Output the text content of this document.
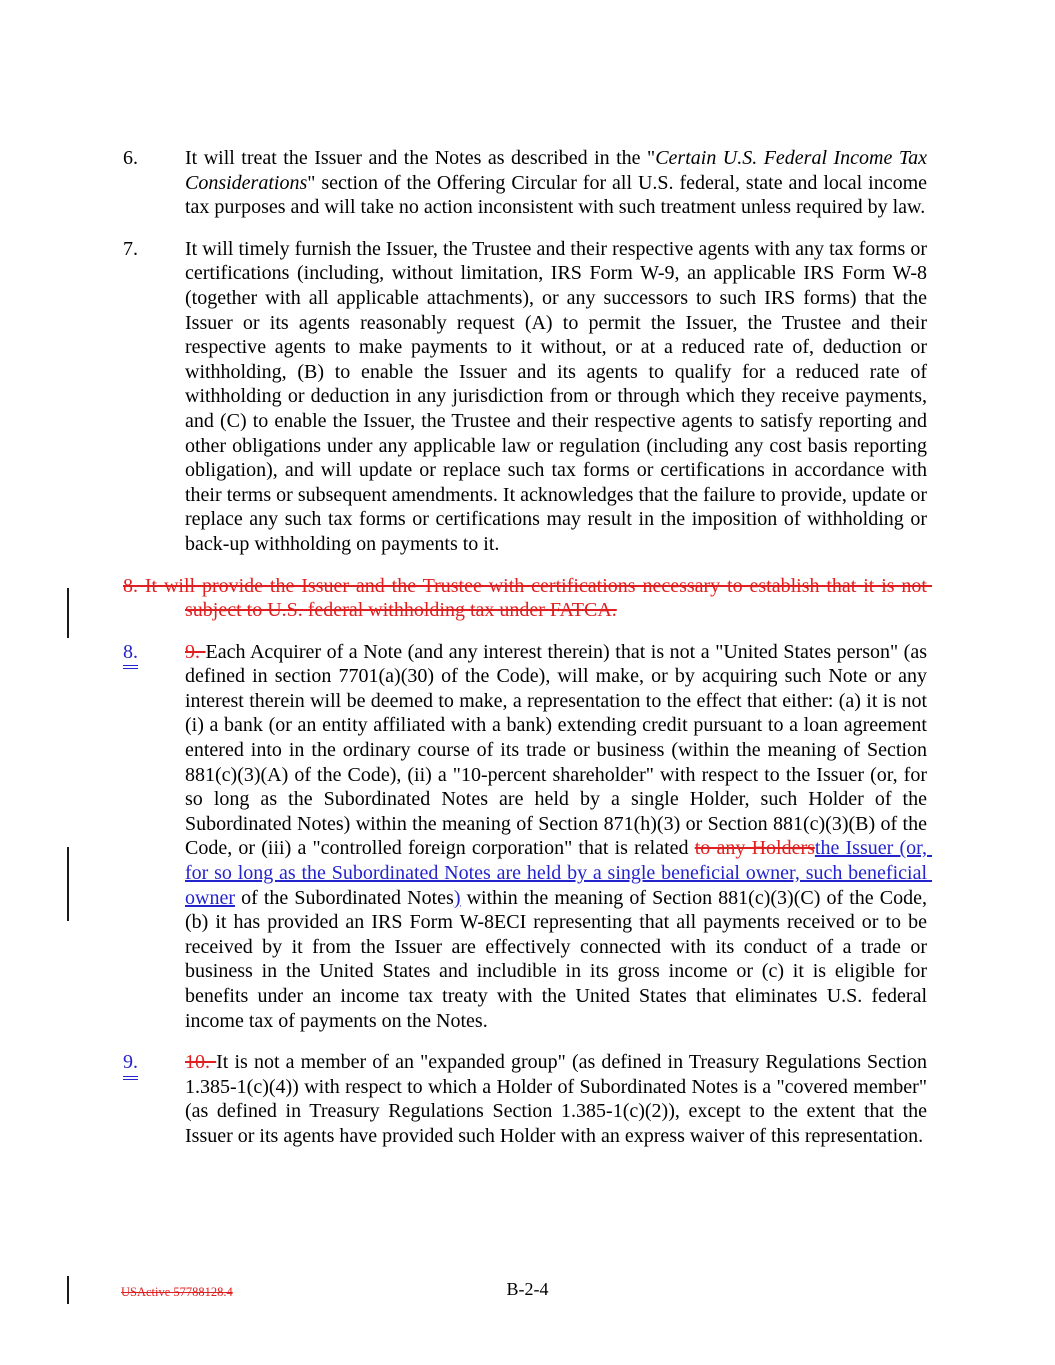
6. It will treat the Issuer and the Notes as described in the "Certain U.S. Federal Income Tax Considerations" section of the Offering Circular for all U.S. federal, state and local income tax purposes and will take no action inconsistent with such treatment unless required by law.
7. It will timely furnish the Issuer, the Trustee and their respective agents with any tax forms or certifications (including, without limitation, IRS Form W-9, an applicable IRS Form W-8 (together with all applicable attachments), or any successors to such IRS forms) that the Issuer or its agents reasonably request (A) to permit the Issuer, the Trustee and their respective agents to make payments to it without, or at a reduced rate of, deduction or withholding, (B) to enable the Issuer and its agents to qualify for a reduced rate of withholding or deduction in any jurisdiction from or through which they receive payments, and (C) to enable the Issuer, the Trustee and their respective agents to satisfy reporting and other obligations under any applicable law or regulation (including any cost basis reporting obligation), and will update or replace such tax forms or certifications in accordance with their terms or subsequent amendments. It acknowledges that the failure to provide, update or replace any such tax forms or certifications may result in the imposition of withholding or back-up withholding on payments to it.
8. It will provide the Issuer and the Trustee with certifications necessary to establish that it is not subject to U.S. federal withholding tax under FATCA.
8. 9. Each Acquirer of a Note (and any interest therein) that is not a "United States person" (as defined in section 7701(a)(30) of the Code), will make, or by acquiring such Note or any interest therein will be deemed to make, a representation to the effect that either: (a) it is not (i) a bank (or an entity affiliated with a bank) extending credit pursuant to a loan agreement entered into in the ordinary course of its trade or business (within the meaning of Section 881(c)(3)(A) of the Code), (ii) a "10-percent shareholder" with respect to the Issuer (or, for so long as the Subordinated Notes are held by a single Holder, such Holder of the Subordinated Notes) within the meaning of Section 871(h)(3) or Section 881(c)(3)(B) of the Code, or (iii) a "controlled foreign corporation" that is related to any Holdersthe Issuer (or, for so long as the Subordinated Notes are held by a single beneficial owner, such beneficial owner of the Subordinated Notes) within the meaning of Section 881(c)(3)(C) of the Code, (b) it has provided an IRS Form W-8ECI representing that all payments received or to be received by it from the Issuer are effectively connected with its conduct of a trade or business in the United States and includible in its gross income or (c) it is eligible for benefits under an income tax treaty with the United States that eliminates U.S. federal income tax of payments on the Notes.
9. 10. It is not a member of an "expanded group" (as defined in Treasury Regulations Section 1.385-1(c)(4)) with respect to which a Holder of Subordinated Notes is a "covered member" (as defined in Treasury Regulations Section 1.385-1(c)(2)), except to the extent that the Issuer or its agents have provided such Holder with an express waiver of this representation.
USActive 57788128.4	B-2-4
